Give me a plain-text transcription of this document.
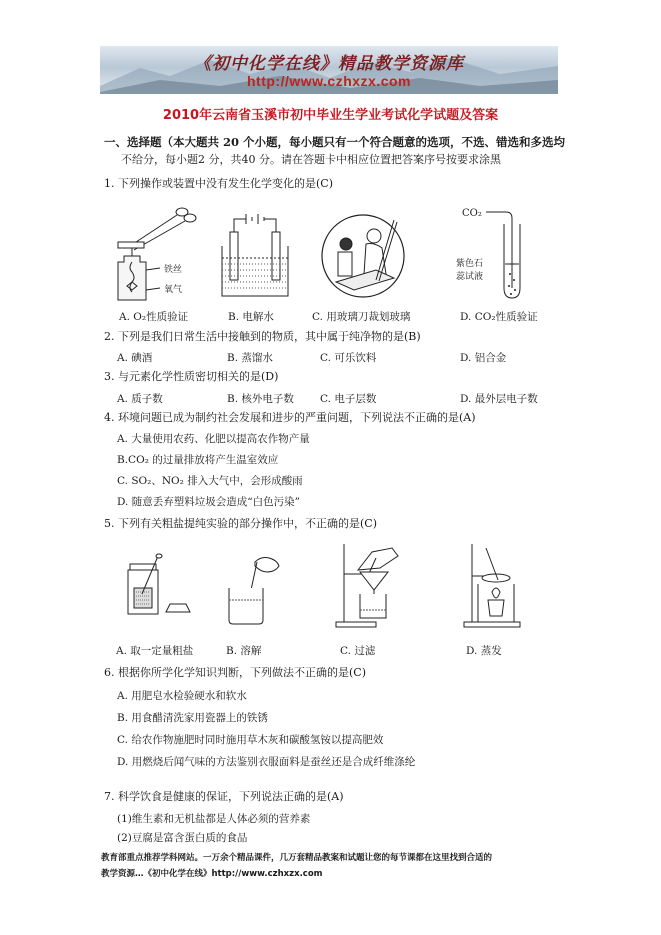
《初中化学在线》精品教学资源库
http://www.czhxzx.com
2010年云南省玉溪市初中毕业生学业考试化学试题及答案
一、选择题（本大题共 20 个小题，每小题只有一个符合题意的选项，不选、错选和多选均
不给分，每小题2 分，共40 分。请在答题卡中相应位置把答案序号按要求涂黑
1. 下列操作或装置中没有发生化学变化的是(C)
铁丝
氧气
CO₂
紫色石
蕊试液
A. O₂性质验证	B. 电解水	C. 用玻璃刀裁划玻璃	D. CO₂性质验证
2. 下列是我们日常生活中接触到的物质，其中属于纯净物的是(B)
A. 碘酒	B. 蒸馏水	C. 可乐饮料	D. 铝合金
3. 与元素化学性质密切相关的是(D)
A. 质子数	B. 核外电子数 C. 电子层数	D. 最外层电子数
4. 环境问题已成为制约社会发展和进步的严重问题，下列说法不正确的是(A)
A. 大量使用农药、化肥以提高农作物产量
B.CO₂ 的过量排放将产生温室效应
C. SO₂、NO₂ 排入大气中，会形成酸雨
D. 随意丢弃塑料垃圾会造成“白色污染”
5. 下列有关粗盐提纯实验的部分操作中，不正确的是(C)
A. 取一定量粗盐	B. 溶解	C. 过滤	D. 蒸发
6. 根据你所学化学知识判断，下列做法不正确的是(C)
A. 用肥皂水检验硬水和软水
B. 用食醋清洗家用瓷器上的铁锈
C. 给农作物施肥时同时施用草木灰和碳酸氢铵以提高肥效
D. 用燃烧后闻气味的方法鉴别衣服面料是蚕丝还是合成纤维涤纶
7. 科学饮食是健康的保证，下列说法正确的是(A)
(1)维生素和无机盐都是人体必须的营养素
(2)豆腐是富含蛋白质的食品
教育部重点推荐学科网站。一万余个精品课件，几万套精品教案和试题让您的每节课都在这里找到合适的
教学资源…《初中化学在线》http://www.czhxzx.com
